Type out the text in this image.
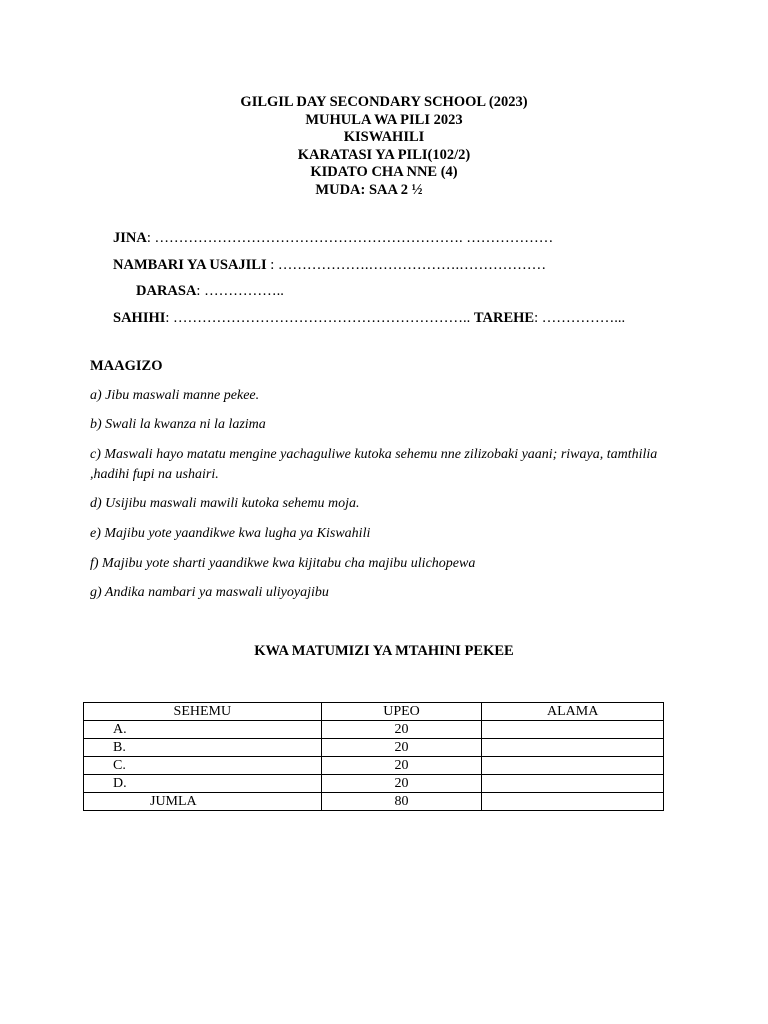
GILGIL DAY SECONDARY SCHOOL (2023)
MUHULA WA PILI 2023
KISWAHILI
KARATASI YA PILI(102/2)
KIDATO CHA NNE (4)
MUDA: SAA 2 ½
JINA: ………………………………………………………. ………………
NAMBARI YA USAJILI : ……………….……………….………………
DARASA: ……………..
SAHIHI: …………………………………………………….. TAREHE: ……………...
MAAGIZO
a) Jibu maswali manne pekee.
b) Swali la kwanza ni la lazima
c) Maswali hayo matatu mengine yachaguliwe kutoka sehemu nne zilizobaki yaani; riwaya, tamthilia ,hadihi fupi na ushairi.
d) Usijibu maswali mawili kutoka sehemu moja.
e) Majibu yote yaandikwe kwa lugha ya Kiswahili
f) Majibu yote sharti yaandikwe kwa kijitabu cha majibu ulichopewa
g) Andika nambari ya maswali uliyoyajibu
KWA MATUMIZI YA MTAHINI PEKEE
SEHEMU	UPEO	ALAMA
A.	20	
B.	20	
C.	20	
D.	20	
JUMLA	80	
